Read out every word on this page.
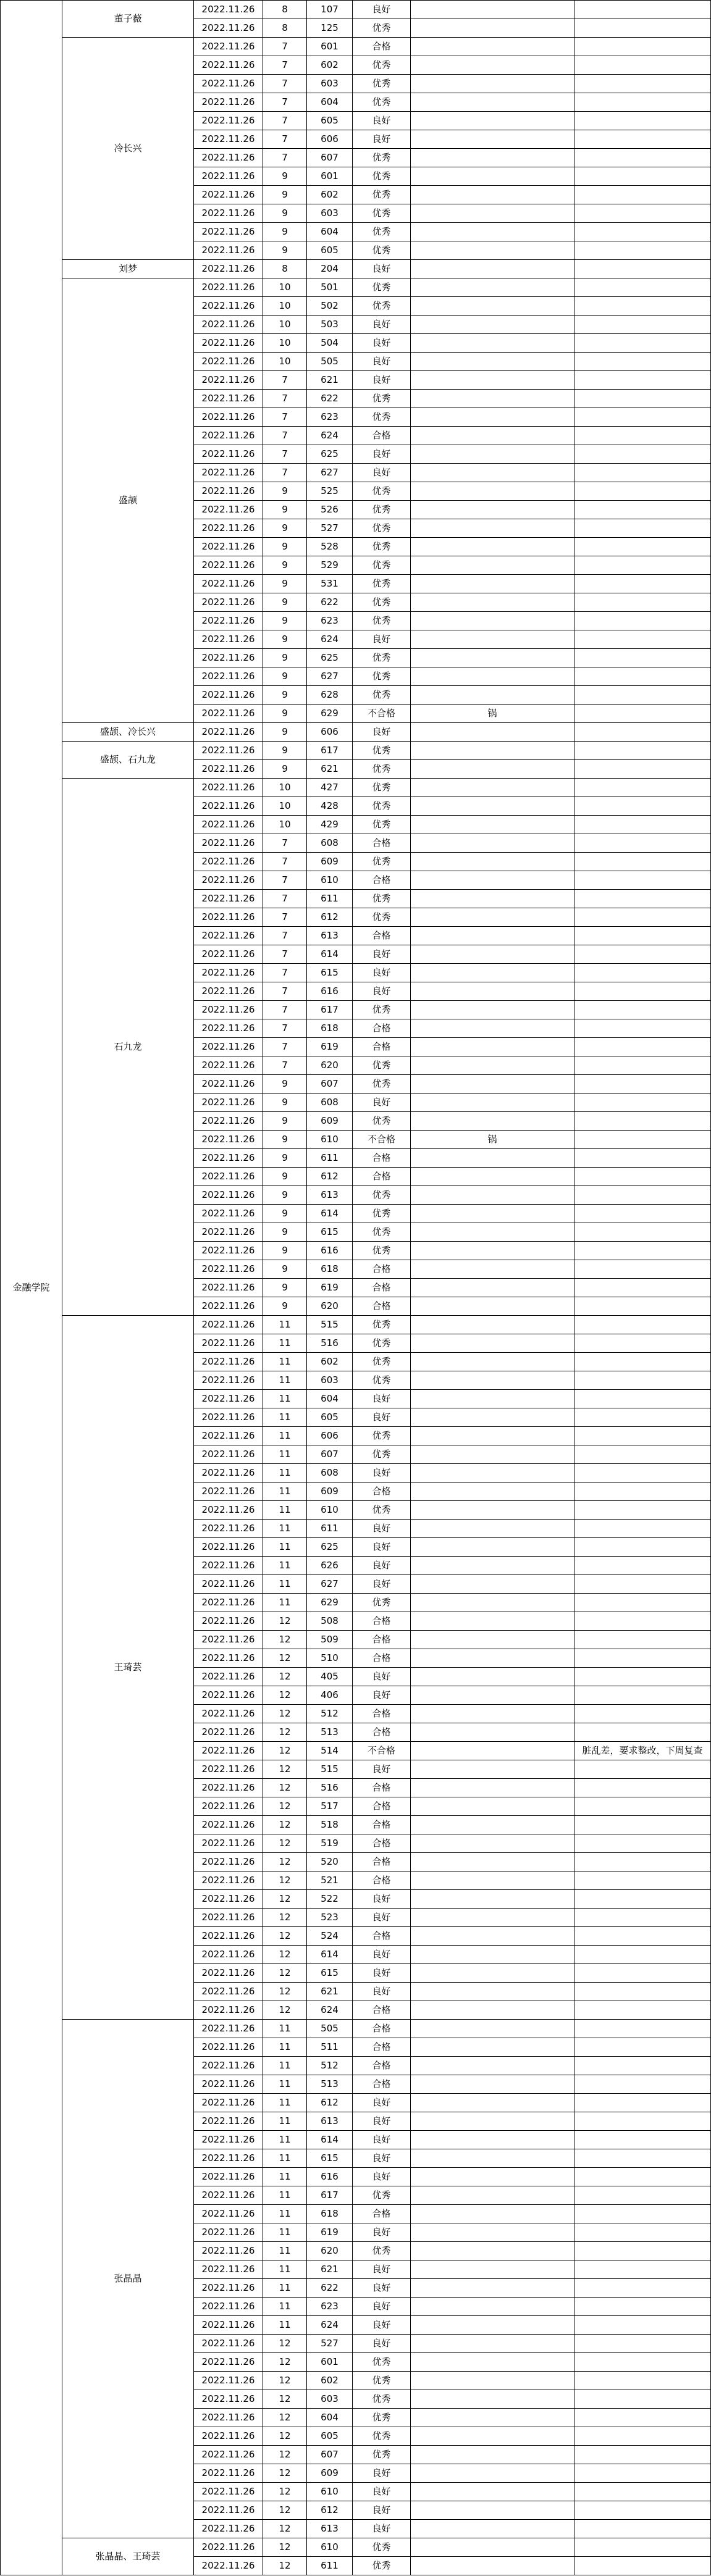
金融学院
董子薇
2022.11.26	8	107	良好
2022.11.26	8	125	优秀
冷长兴
2022.11.26	7	601	合格
2022.11.26	7	602	优秀
2022.11.26	7	603	优秀
2022.11.26	7	604	优秀
2022.11.26	7	605	良好
2022.11.26	7	606	良好
2022.11.26	7	607	优秀
2022.11.26	9	601	优秀
2022.11.26	9	602	优秀
2022.11.26	9	603	优秀
2022.11.26	9	604	优秀
2022.11.26	9	605	优秀
刘梦	2022.11.26	8	204	良好
盛颉
2022.11.26	10	501	优秀
2022.11.26	10	502	优秀
2022.11.26	10	503	良好
2022.11.26	10	504	良好
2022.11.26	10	505	良好
2022.11.26	7	621	良好
2022.11.26	7	622	优秀
2022.11.26	7	623	优秀
2022.11.26	7	624	合格
2022.11.26	7	625	良好
2022.11.26	7	627	良好
2022.11.26	9	525	优秀
2022.11.26	9	526	优秀
2022.11.26	9	527	优秀
2022.11.26	9	528	优秀
2022.11.26	9	529	优秀
2022.11.26	9	531	优秀
2022.11.26	9	622	优秀
2022.11.26	9	623	优秀
2022.11.26	9	624	良好
2022.11.26	9	625	优秀
2022.11.26	9	627	优秀
2022.11.26	9	628	优秀
2022.11.26	9	629	不合格	锅
盛颉、冷长兴	2022.11.26	9	606	良好
盛颉、石九龙
2022.11.26	9	617	优秀
2022.11.26	9	621	优秀
石九龙
2022.11.26	10	427	优秀
2022.11.26	10	428	优秀
2022.11.26	10	429	优秀
2022.11.26	7	608	合格
2022.11.26	7	609	优秀
2022.11.26	7	610	合格
2022.11.26	7	611	优秀
2022.11.26	7	612	优秀
2022.11.26	7	613	合格
2022.11.26	7	614	良好
2022.11.26	7	615	良好
2022.11.26	7	616	良好
2022.11.26	7	617	优秀
2022.11.26	7	618	合格
2022.11.26	7	619	合格
2022.11.26	7	620	优秀
2022.11.26	9	607	优秀
2022.11.26	9	608	良好
2022.11.26	9	609	优秀
2022.11.26	9	610	不合格	锅
2022.11.26	9	611	合格
2022.11.26	9	612	合格
2022.11.26	9	613	优秀
2022.11.26	9	614	优秀
2022.11.26	9	615	优秀
2022.11.26	9	616	优秀
2022.11.26	9	618	合格
2022.11.26	9	619	合格
2022.11.26	9	620	合格
王琦芸
2022.11.26	11	515	优秀
2022.11.26	11	516	优秀
2022.11.26	11	602	优秀
2022.11.26	11	603	优秀
2022.11.26	11	604	良好
2022.11.26	11	605	良好
2022.11.26	11	606	优秀
2022.11.26	11	607	优秀
2022.11.26	11	608	良好
2022.11.26	11	609	合格
2022.11.26	11	610	优秀
2022.11.26	11	611	良好
2022.11.26	11	625	良好
2022.11.26	11	626	良好
2022.11.26	11	627	良好
2022.11.26	11	629	优秀
2022.11.26	12	508	合格
2022.11.26	12	509	合格
2022.11.26	12	510	合格
2022.11.26	12	405	良好
2022.11.26	12	406	良好
2022.11.26	12	512	合格
2022.11.26	12	513	合格
2022.11.26	12	514	不合格	脏乱差，要求整改，下周复查
2022.11.26	12	515	良好
2022.11.26	12	516	合格
2022.11.26	12	517	合格
2022.11.26	12	518	合格
2022.11.26	12	519	合格
2022.11.26	12	520	合格
2022.11.26	12	521	合格
2022.11.26	12	522	良好
2022.11.26	12	523	良好
2022.11.26	12	524	合格
2022.11.26	12	614	良好
2022.11.26	12	615	良好
2022.11.26	12	621	良好
2022.11.26	12	624	合格
张晶晶
2022.11.26	11	505	合格
2022.11.26	11	511	合格
2022.11.26	11	512	合格
2022.11.26	11	513	合格
2022.11.26	11	612	良好
2022.11.26	11	613	良好
2022.11.26	11	614	良好
2022.11.26	11	615	良好
2022.11.26	11	616	良好
2022.11.26	11	617	优秀
2022.11.26	11	618	合格
2022.11.26	11	619	良好
2022.11.26	11	620	优秀
2022.11.26	11	621	良好
2022.11.26	11	622	良好
2022.11.26	11	623	良好
2022.11.26	11	624	良好
2022.11.26	12	527	良好
2022.11.26	12	601	优秀
2022.11.26	12	602	优秀
2022.11.26	12	603	优秀
2022.11.26	12	604	优秀
2022.11.26	12	605	优秀
2022.11.26	12	607	优秀
2022.11.26	12	609	良好
2022.11.26	12	610	良好
2022.11.26	12	612	良好
2022.11.26	12	613	良好
张晶晶、王琦芸
2022.11.26	12	610	优秀
2022.11.26	12	611	优秀
